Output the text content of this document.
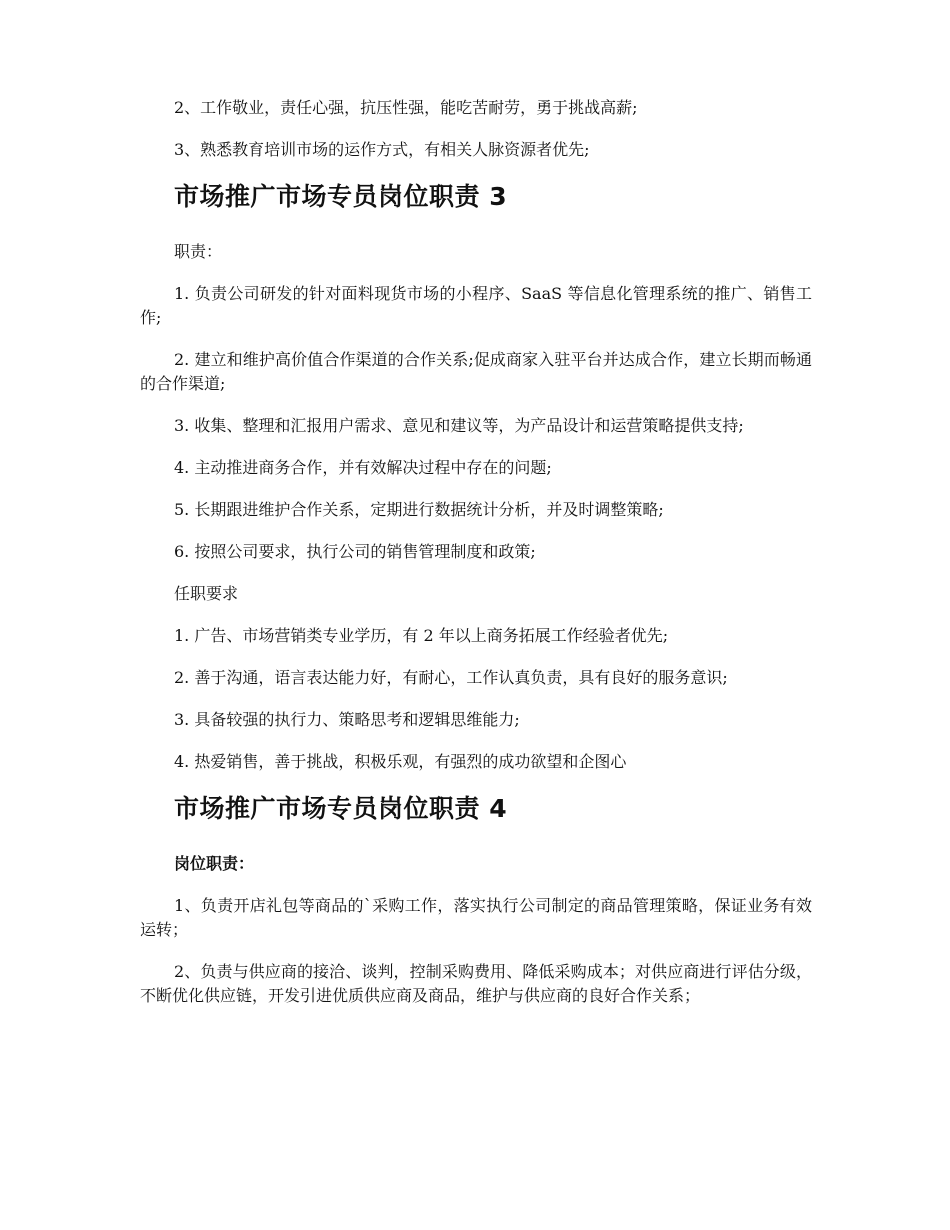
2、工作敬业，责任心强，抗压性强，能吃苦耐劳，勇于挑战高薪;

3、熟悉教育培训市场的运作方式，有相关人脉资源者优先;

市场推广市场专员岗位职责 3

职责：

1. 负责公司研发的针对面料现货市场的小程序、SaaS 等信息化管理系统的推广、销售工作;

2. 建立和维护高价值合作渠道的合作关系;促成商家入驻平台并达成合作，建立长期而畅通的合作渠道;

3. 收集、整理和汇报用户需求、意见和建议等，为产品设计和运营策略提供支持;

4. 主动推进商务合作，并有效解决过程中存在的问题;

5. 长期跟进维护合作关系，定期进行数据统计分析，并及时调整策略;

6. 按照公司要求，执行公司的销售管理制度和政策;

任职要求

1. 广告、市场营销类专业学历，有 2 年以上商务拓展工作经验者优先;

2. 善于沟通，语言表达能力好，有耐心，工作认真负责，具有良好的服务意识;

3. 具备较强的执行力、策略思考和逻辑思维能力;

4. 热爱销售，善于挑战，积极乐观，有强烈的成功欲望和企图心

市场推广市场专员岗位职责 4

岗位职责：

1、负责开店礼包等商品的`采购工作，落实执行公司制定的商品管理策略，保证业务有效运转；

2、负责与供应商的接洽、谈判，控制采购费用、降低采购成本；对供应商进行评估分级，不断优化供应链，开发引进优质供应商及商品，维护与供应商的良好合作关系；
